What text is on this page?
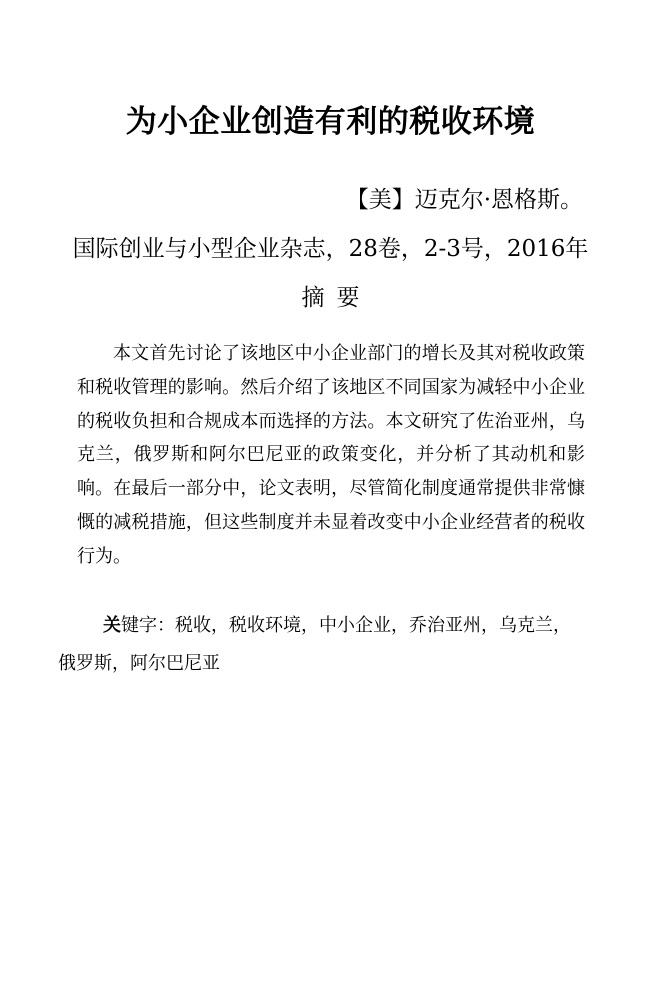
为小企业创造有利的税收环境
【美】迈克尔·恩格斯。
国际创业与小型企业杂志，28卷，2-3号，2016年
摘要
本文首先讨论了该地区中小企业部门的增长及其对税收政策和税收管理的影响。然后介绍了该地区不同国家为减轻中小企业的税收负担和合规成本而选择的方法。本文研究了佐治亚州，乌克兰，俄罗斯和阿尔巴尼亚的政策变化，并分析了其动机和影响。在最后一部分中，论文表明，尽管简化制度通常提供非常慷慨的减税措施，但这些制度并未显着改变中小企业经营者的税收行为。
关键字：税收，税收环境，中小企业，乔治亚州，乌克兰，俄罗斯，阿尔巴尼亚
